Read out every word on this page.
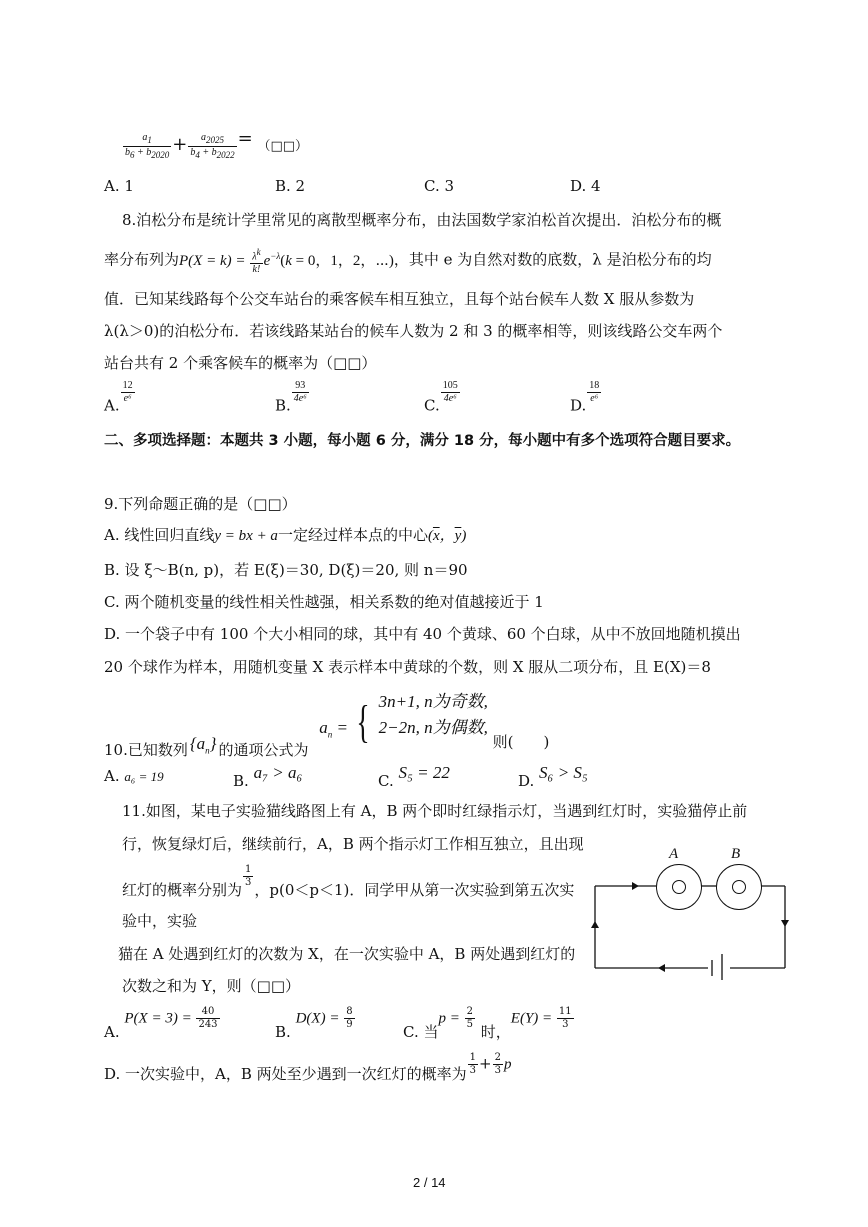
$\frac{a1}{b6 + b2020} + \frac{a2025}{b4 + b2022}$ = （□□）
A. 1	B. 2	C. 3	D. 4
8.泊松分布是统计学里常见的离散型概率分布，由法国数学家泊松首次提出．泊松分布的概
率分布列为$P(X = k) = \frac{\lambda k}{k!} e^{-\lambda}(k = 0$，1，2，⋯)，其中 e 为自然对数的底数，λ 是泊松分布的均
值．已知某线路每个公交车站台的乘客候车相互独立，且每个站台候车人数 X 服从参数为
λ(λ＞0)的泊松分布．若该线路某站台的候车人数为 2 和 3 的概率相等，则该线路公交车两个
站台共有 2 个乘客候车的概率为（□□）
A.
$\frac{12}{\text{e⁶}}$
B.
$\frac{93}{\text{4e⁶}}$
C.
$\frac{105}{\text{4e⁶}}$
D.
$\frac{18}{\text{e⁶}}$
二、多项选择题：本题共 3 小题，每小题 6 分，满分 18 分，每小题中有多个选项符合题目要求。
9.下列命题正确的是（□□）
A. 线性回归直线y = bx + a一定经过样本点的中心($\overline{x}$，$\overline{y}$)
B. 设 ξ～B(n, p)，若 E(ξ)＝30, D(ξ)＝20, 则 n＝90
C. 两个随机变量的线性相关性越强，相关系数的绝对值越接近于 1
D. 一个袋子中有 100 个大小相同的球，其中有 40 个黄球、60 个白球，从中不放回地随机摸出
20 个球作为样本，用随机变量 X 表示样本中黄球的个数，则 X 服从二项分布，且 E(X)＝8
10.已知数列 $\{a_n\}$ 的通项公式为 $a_n$ = { 3n+1, n为奇数,
2−2n, n为偶数,
则(　　)
A. a₆ = 19	B. a₇ > a₆	C. S₅ = 22	D. S₆ > S₅
11.如图，某电子实验猫线路图上有 A，B 两个即时红绿指示灯，当遇到红灯时，实验猫停止前
行，恢复绿灯后，继续前行，A，B 两个指示灯工作相互独立，且出现
红灯的概率分别为
$\frac{1}{3}$
，p(0＜p＜1)．同学甲从第一次实验到第五次实
验中，实验
猫在 A 处遇到红灯的次数为 X，在一次实验中 A，B 两处遇到红灯的
次数之和为 Y，则（□□）
A	B
A. $P(X = 3) = \frac{40}{243}$
B. $D(X) = \frac{8}{9}$
C. 当$p = \frac{2}{5}$
时，$E(Y) = \frac{11}{3}$
D. 一次实验中，A，B 两处至少遇到一次红灯的概率为 $\frac{1}{3} + \frac{2}{3}$ p
2 / 14
